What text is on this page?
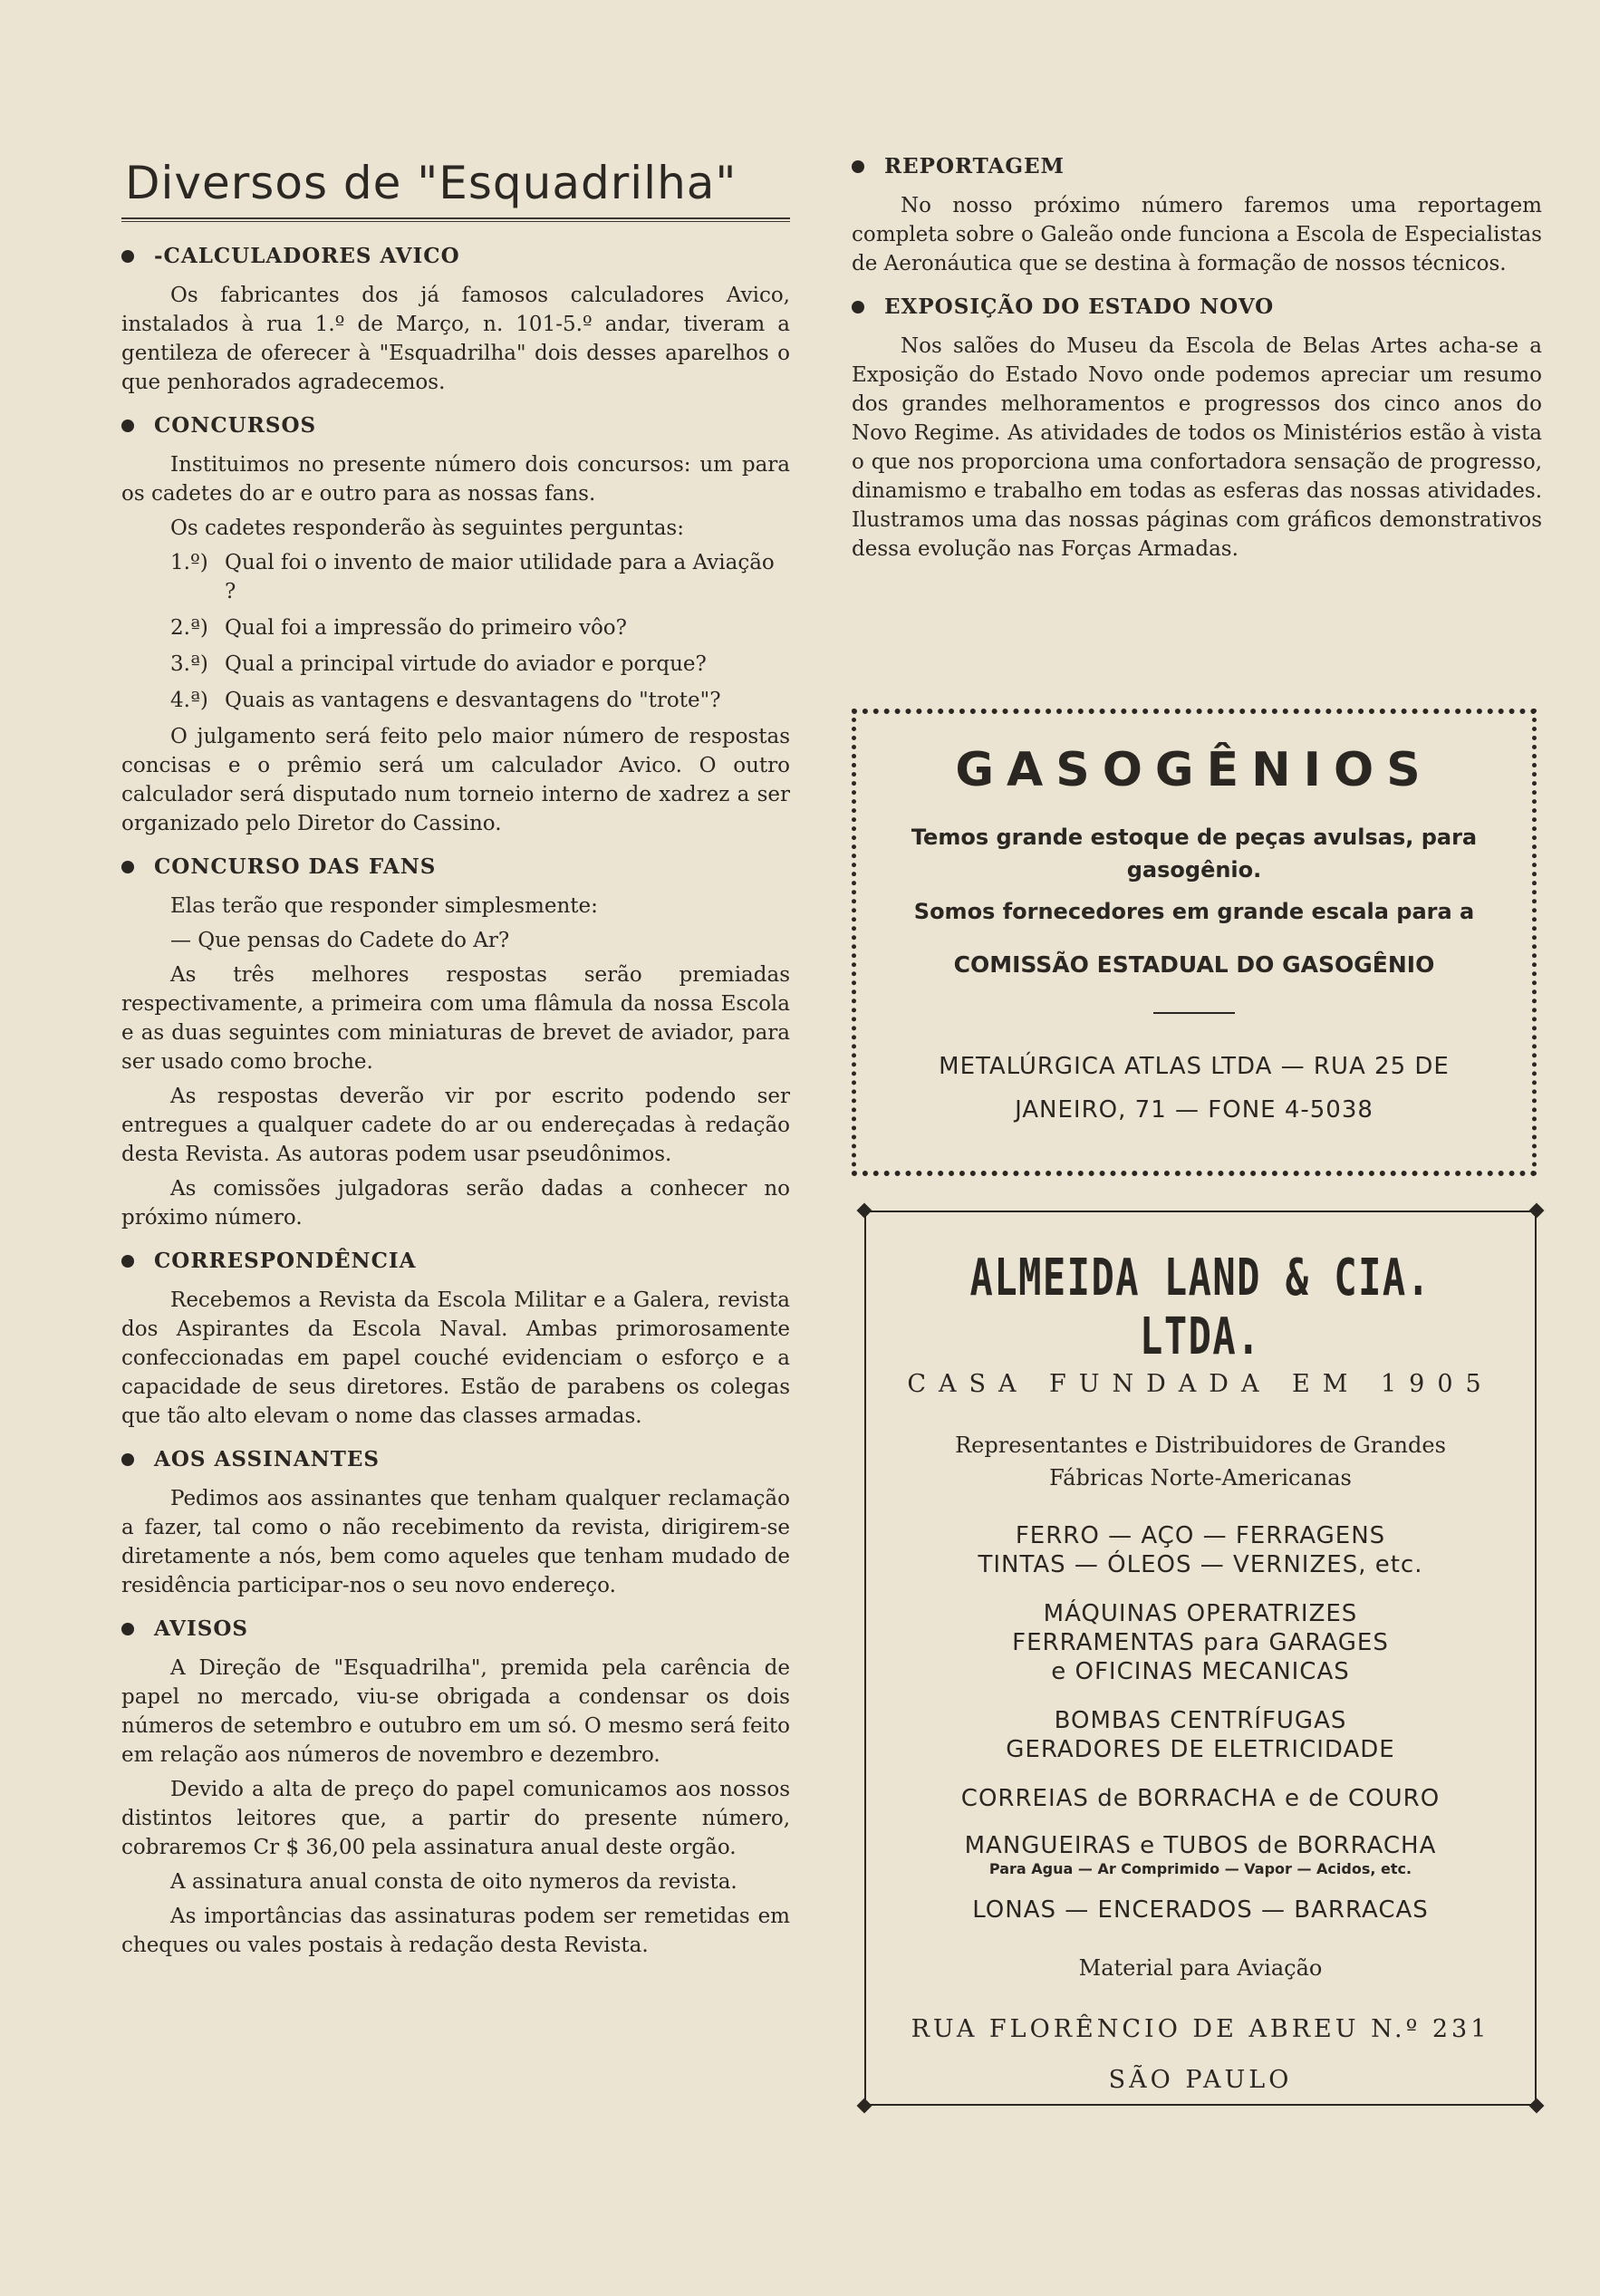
Diversos de "Esquadrilha"
-CALCULADORES AVICO

Os fabricantes dos já famosos calculadores Avico, instalados à rua 1.º de Março, n. 101-5.º andar, tiveram a gentileza de oferecer à "Esquadrilha" dois desses aparelhos o que penhorados agradecemos.

CONCURSOS

Instituimos no presente número dois concursos: um para os cadetes do ar e outro para as nossas fans.

Os cadetes responderão às seguintes perguntas:

1.º) Qual foi o invento de maior utilidade para a Aviação ?
2.ª) Qual foi a impressão do primeiro vôo?
3.ª) Qual a principal virtude do aviador e porque?
4.ª) Quais as vantagens e desvantagens do "trote"?

O julgamento será feito pelo maior número de respostas concisas e o prêmio será um calculador Avico. O outro calculador será disputado num torneio interno de xadrez a ser organizado pelo Diretor do Cassino.

CONCURSO DAS FANS

Elas terão que responder simplesmente:

— Que pensas do Cadete do Ar?

As três melhores respostas serão premiadas respectivamente, a primeira com uma flâmula da nossa Escola e as duas seguintes com miniaturas de brevet de aviador, para ser usado como broche.

As respostas deverão vir por escrito podendo ser entregues a qualquer cadete do ar ou endereçadas à redação desta Revista. As autoras podem usar pseudônimos.

As comissões julgadoras serão dadas a conhecer no próximo número.

CORRESPONDÊNCIA

Recebemos a Revista da Escola Militar e a Galera, revista dos Aspirantes da Escola Naval. Ambas primorosamente confeccionadas em papel couché evidenciam o esforço e a capacidade de seus diretores. Estão de parabens os colegas que tão alto elevam o nome das classes armadas.

AOS ASSINANTES

Pedimos aos assinantes que tenham qualquer reclamação a fazer, tal como o não recebimento da revista, dirigirem-se diretamente a nós, bem como aqueles que tenham mudado de residência participar-nos o seu novo endereço.

AVISOS

A Direção de "Esquadrilha", premida pela carência de papel no mercado, viu-se obrigada a condensar os dois números de setembro e outubro em um só. O mesmo será feito em relação aos números de novembro e dezembro.

Devido a alta de preço do papel comunicamos aos nossos distintos leitores que, a partir do presente número, cobraremos Cr $ 36,00 pela assinatura anual deste orgão.

A assinatura anual consta de oito nymeros da revista.

As importâncias das assinaturas podem ser remetidas em cheques ou vales postais à redação desta Revista.

REPORTAGEM

No nosso próximo número faremos uma reportagem completa sobre o Galeão onde funciona a Escola de Especialistas de Aeronáutica que se destina à formação de nossos técnicos.

EXPOSIÇÃO DO ESTADO NOVO

Nos salões do Museu da Escola de Belas Artes acha-se a Exposição do Estado Novo onde podemos apreciar um resumo dos grandes melhoramentos e progressos dos cinco anos do Novo Regime. As atividades de todos os Ministérios estão à vista o que nos proporciona uma confortadora sensação de progresso, dinamismo e trabalho em todas as esferas das nossas atividades. Ilustramos uma das nossas páginas com gráficos demonstrativos dessa evolução nas Forças Armadas.

GASOGÊNIOS
Temos grande estoque de peças avulsas, para
gasogênio.
Somos fornecedores em grande escala para a
COMISSÃO ESTADUAL DO GASOGÊNIO
METALÚRGICA ATLAS LTDA — RUA 25 DE
JANEIRO, 71 — FONE 4-5038
ALMEIDA LAND & CIA. LTDA.
CASA FUNDADA EM 1905
Representantes e Distribuidores de Grandes
Fábricas Norte-Americanas
FERRO — AÇO — FERRAGENS
TINTAS — ÓLEOS — VERNIZES, etc.
MÁQUINAS OPERATRIZES
FERRAMENTAS para GARAGES
e OFICINAS MECANICAS
BOMBAS CENTRÍFUGAS
GERADORES DE ELETRICIDADE
CORREIAS de BORRACHA e de COURO
MANGUEIRAS e TUBOS de BORRACHA
Para Agua — Ar Comprimido — Vapor — Acidos, etc.
LONAS — ENCERADOS — BARRACAS
Material para Aviação
RUA FLORÊNCIO DE ABREU N.º 231
SÃO PAULO
